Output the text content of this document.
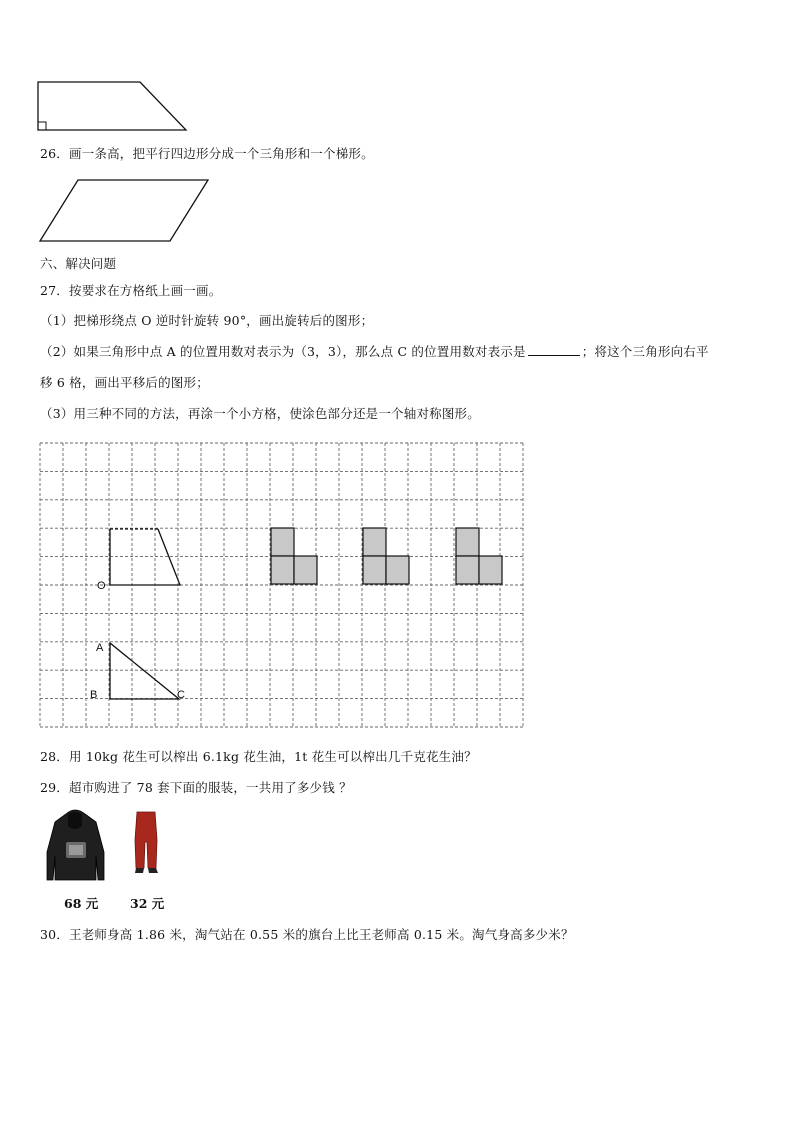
26．画一条高，把平行四边形分成一个三角形和一个梯形。
六、解决问题
27．按要求在方格纸上画一画。
（1）把梯形绕点 O 逆时针旋转 90°，画出旋转后的图形；
（2）如果三角形中点 A 的位置用数对表示为（3，3），那么点 C 的位置用数对表示是	；将这个三角形向右平
移 6 格，画出平移后的图形；
（3）用三种不同的方法，再涂一个小方格，使涂色部分还是一个轴对称图形。
O
A
B	C
28．用 10kg 花生可以榨出 6.1kg 花生油，1t 花生可以榨出几千克花生油？
29．超市购进了 78 套下面的服装，一共用了多少钱 ？
68 元	32 元
30．王老师身高 1.86 米，淘气站在 0.55 米的旗台上比王老师高 0.15 米。淘气身高多少米？
